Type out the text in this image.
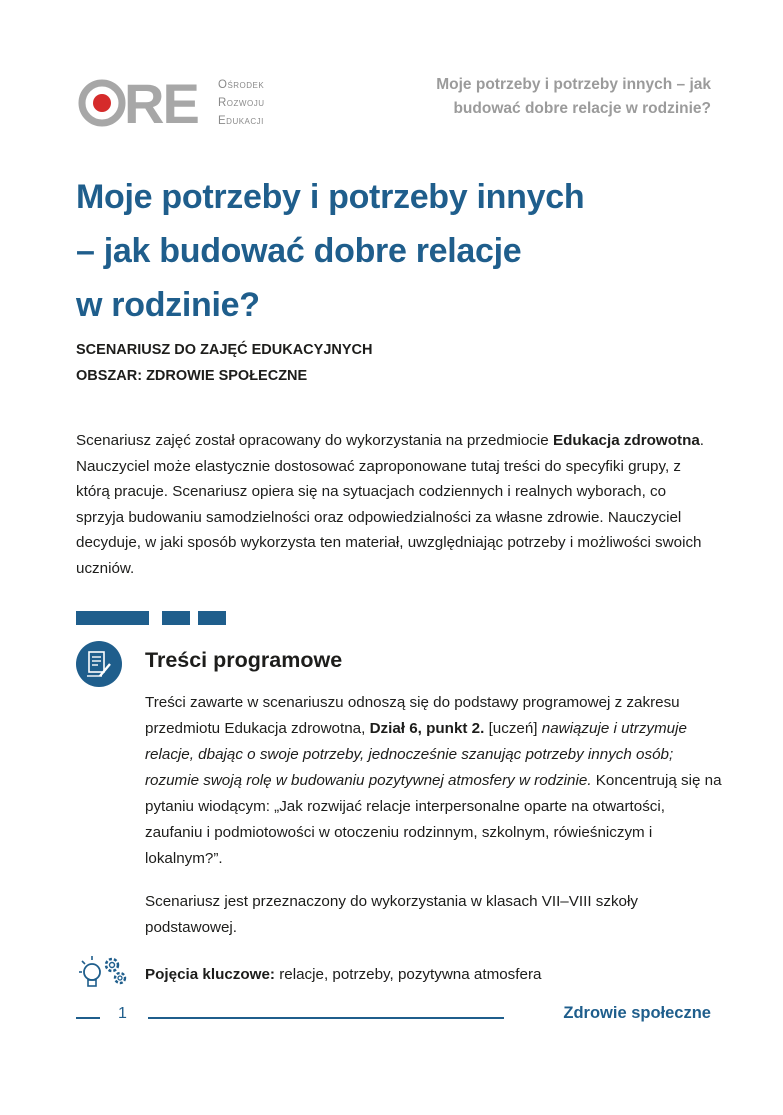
RE Ośrodek
Rozwoju
Edukacji
Moje potrzeby i potrzeby innych – jak budować dobre relacje w rodzinie?
Moje potrzeby i potrzeby innych
– jak budować dobre relacje
w rodzinie?
SCENARIUSZ DO ZAJĘĆ EDUKACYJNYCH
OBSZAR: ZDROWIE SPOŁECZNE

Scenariusz zajęć został opracowany do wykorzystania na przedmiocie Edukacja zdrowotna. Nauczyciel może elastycznie dostosować zaproponowane tutaj treści do specyfiki grupy, z którą pracuje. Scenariusz opiera się na sytuacjach codziennych i realnych wyborach, co sprzyja budowaniu samodzielności oraz odpowiedzialności za własne zdrowie. Nauczyciel decyduje, w jaki sposób wykorzysta ten materiał, uwzględniając potrzeby i możliwości swoich uczniów.

Treści programowe

Treści zawarte w scenariuszu odnoszą się do podstawy programowej z zakresu przedmiotu Edukacja zdrowotna, Dział 6, punkt 2. [uczeń] nawiązuje i utrzymuje relacje, dbając o swoje potrzeby, jednocześnie szanując potrzeby innych osób; rozumie swoją rolę w budowaniu pozytywnej atmosfery w rodzinie. Koncentrują się na pytaniu wiodącym: „Jak rozwijać relacje interpersonalne oparte na otwartości, zaufaniu i podmiotowości w otoczeniu rodzinnym, szkolnym, rówieśniczym i lokalnym?”.

Scenariusz jest przeznaczony do wykorzystania w klasach VII–VIII szkoły podstawowej.

Pojęcia kluczowe: relacje, potrzeby, pozytywna atmosfera
1	Zdrowie społeczne
